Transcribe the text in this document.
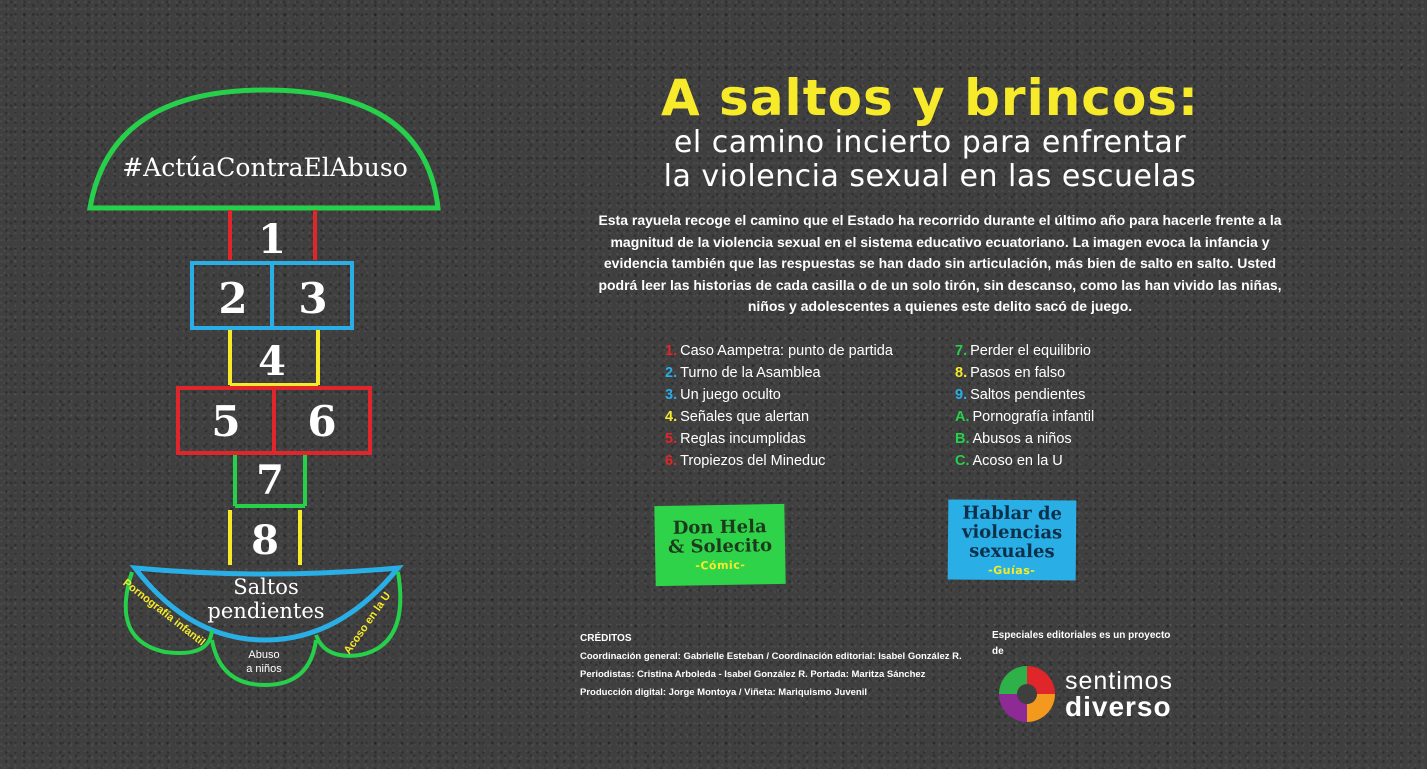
#ActúaContraElAbuso
1
2 3
4
5 6
7
8
Saltos
pendientes
Pornografía infantil
Abuso
a niños
Acoso en la U
A saltos y brincos:
el camino incierto para enfrentar
la violencia sexual en las escuelas

Esta rayuela recoge el camino que el Estado ha recorrido durante el último año para hacerle frente a la magnitud de la violencia sexual en el sistema educativo ecuatoriano. La imagen evoca la infancia y evidencia también que las respuestas se han dado sin articulación, más bien de salto en salto. Usted podrá leer las historias de cada casilla o de un solo tirón, sin descanso, como las han vivido las niñas, niños y adolescentes a quienes este delito sacó de juego.

1. Caso Aampetra: punto de partida
2. Turno de la Asamblea
3. Un juego oculto
4. Señales que alertan
5. Reglas incumplidas
6. Tropiezos del Mineduc
7. Perder el equilibrio
8. Pasos en falso
9. Saltos pendientes
A. Pornografía infantil
B. Abusos a niños
C. Acoso en la U
Don Hela
& Solecito
-Cómic-
Hablar de
violencias
sexuales
-Guías-
CRÉDITOS
Coordinación general: Gabrielle Esteban / Coordinación editorial: Isabel González R.
Periodistas: Cristina Arboleda - Isabel González R. Portada: Maritza Sánchez
Producción digital: Jorge Montoya / Viñeta: Mariquismo Juvenil
Especiales editoriales es un proyecto
de
sentimos
diverso
